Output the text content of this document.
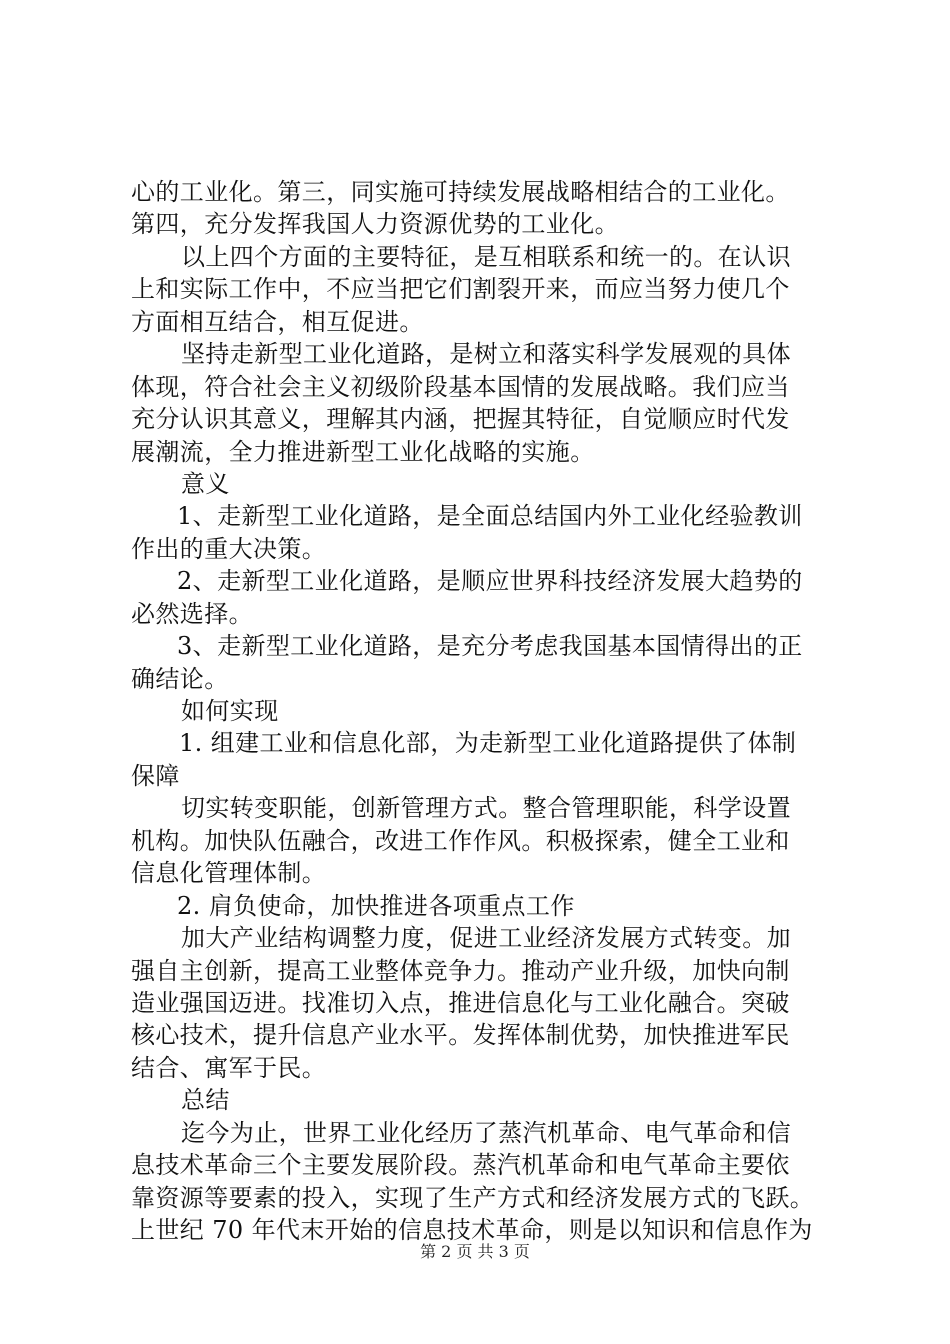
心的工业化。第三，同实施可持续发展战略相结合的工业化。
第四，充分发挥我国人力资源优势的工业化。
以上四个方面的主要特征，是互相联系和统一的。在认识
上和实际工作中，不应当把它们割裂开来，而应当努力使几个
方面相互结合，相互促进。
坚持走新型工业化道路，是树立和落实科学发展观的具体
体现，符合社会主义初级阶段基本国情的发展战略。我们应当
充分认识其意义，理解其内涵，把握其特征，自觉顺应时代发
展潮流，全力推进新型工业化战略的实施。
意义
1、走新型工业化道路，是全面总结国内外工业化经验教训
作出的重大决策。
2、走新型工业化道路，是顺应世界科技经济发展大趋势的
必然选择。
3、走新型工业化道路，是充分考虑我国基本国情得出的正
确结论。
如何实现
1. 组建工业和信息化部，为走新型工业化道路提供了体制
保障
切实转变职能，创新管理方式。整合管理职能，科学设置
机构。加快队伍融合，改进工作作风。积极探索，健全工业和
信息化管理体制。
2. 肩负使命，加快推进各项重点工作
加大产业结构调整力度，促进工业经济发展方式转变。加
强自主创新，提高工业整体竞争力。推动产业升级，加快向制
造业强国迈进。找准切入点，推进信息化与工业化融合。突破
核心技术，提升信息产业水平。发挥体制优势，加快推进军民
结合、寓军于民。
总结
迄今为止，世界工业化经历了蒸汽机革命、电气革命和信
息技术革命三个主要发展阶段。蒸汽机革命和电气革命主要依
靠资源等要素的投入，实现了生产方式和经济发展方式的飞跃。
上世纪 70 年代末开始的信息技术革命，则是以知识和信息作为
第 2 页 共 3 页
